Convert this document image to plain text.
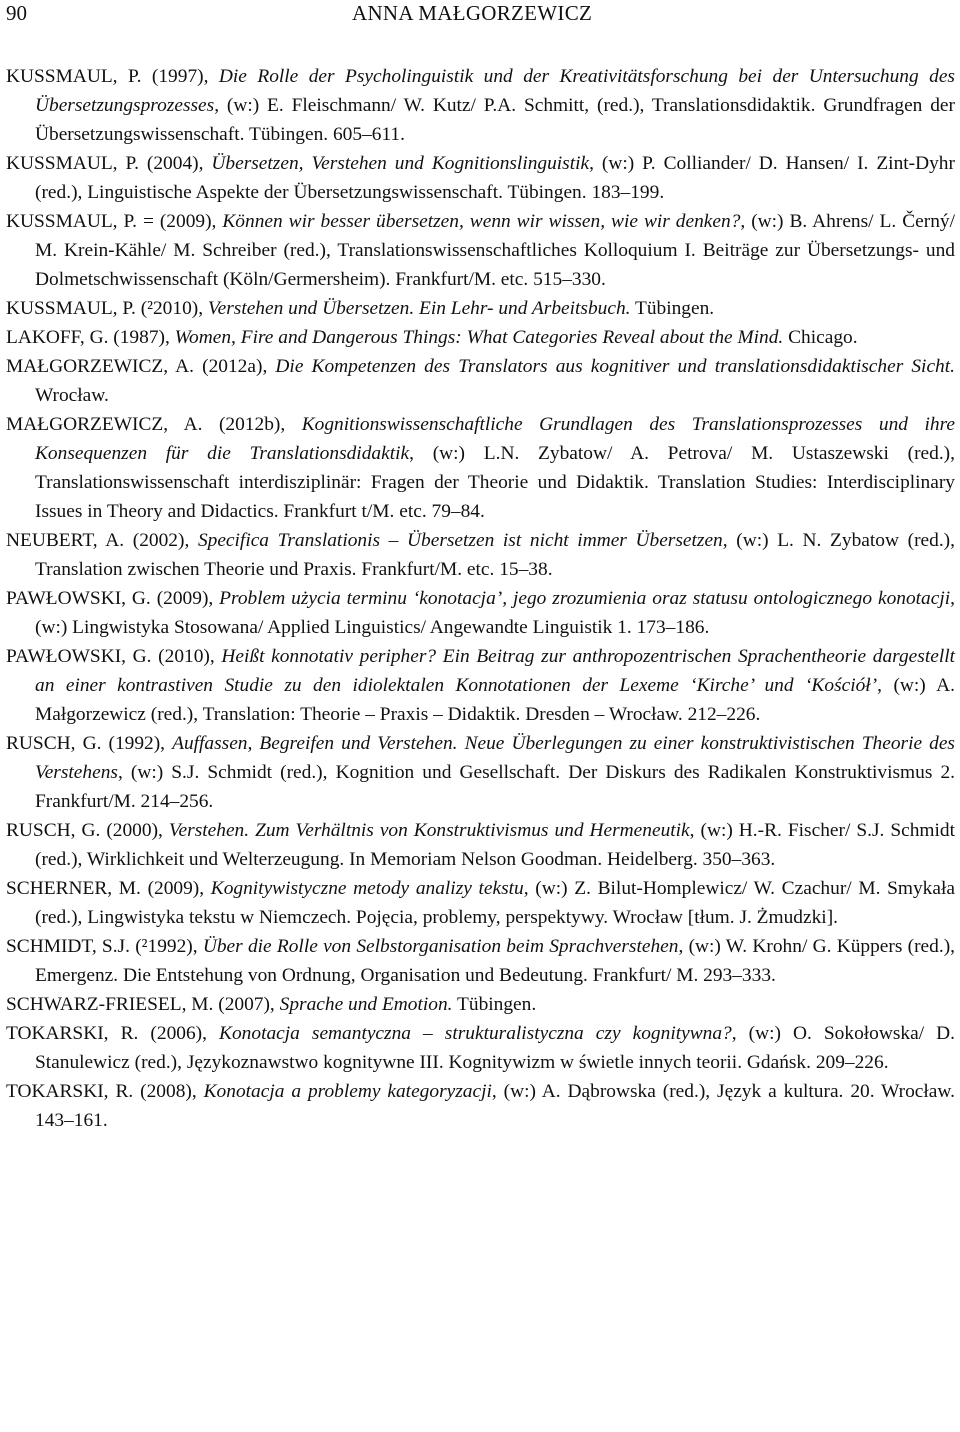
90	ANNA MAŁGORZEWICZ
KUSSMAUL, P. (1997), Die Rolle der Psycholinguistik und der Kreativitätsforschung bei der Untersuchung des Übersetzungsprozesses, (w:) E. Fleischmann/ W. Kutz/ P.A. Schmitt, (red.), Translationsdidaktik. Grundfragen der Übersetzungswissenschaft. Tübingen. 605–611.
KUSSMAUL, P. (2004), Übersetzen, Verstehen und Kognitionslinguistik, (w:) P. Colliander/ D. Hansen/ I. Zint-Dyhr (red.), Linguistische Aspekte der Übersetzungswissenschaft. Tübingen. 183–199.
KUSSMAUL, P. = (2009), Können wir besser übersetzen, wenn wir wissen, wie wir denken?, (w:) B. Ahrens/ L. Černý/ M. Krein-Kähle/ M. Schreiber (red.), Translationswissenschaftliches Kolloquium I. Beiträge zur Übersetzungs- und Dolmetschwissenschaft (Köln/Germersheim). Frankfurt/M. etc. 515–330.
KUSSMAUL, P. (²2010), Verstehen und Übersetzen. Ein Lehr- und Arbeitsbuch. Tübingen.
LAKOFF, G. (1987), Women, Fire and Dangerous Things: What Categories Reveal about the Mind. Chicago.
MAŁGORZEWICZ, A. (2012a), Die Kompetenzen des Translators aus kognitiver und translationsdidaktischer Sicht. Wrocław.
MAŁGORZEWICZ, A. (2012b), Kognitionswissenschaftliche Grundlagen des Translationsprozesses und ihre Konsequenzen für die Translationsdidaktik, (w:) L.N. Zybatow/ A. Petrova/ M. Ustaszewski (red.), Translationswissenschaft interdisziplinär: Fragen der Theorie und Didaktik. Translation Studies: Interdisciplinary Issues in Theory and Didactics. Frankfurt t/M. etc. 79–84.
NEUBERT, A. (2002), Specifica Translationis – Übersetzen ist nicht immer Übersetzen, (w:) L. N. Zybatow (red.), Translation zwischen Theorie und Praxis. Frankfurt/M. etc. 15–38.
PAWŁOWSKI, G. (2009), Problem użycia terminu ‘konotacja’, jego zrozumienia oraz statusu ontologicznego konotacji, (w:) Lingwistyka Stosowana/ Applied Linguistics/ Angewandte Linguistik 1. 173–186.
PAWŁOWSKI, G. (2010), Heißt konnotativ peripher? Ein Beitrag zur anthropozentrischen Sprachentheorie dargestellt an einer kontrastiven Studie zu den idiolektalen Konnotationen der Lexeme ‘Kirche’ und ‘Kościół’, (w:) A. Małgorzewicz (red.), Translation: Theorie – Praxis – Didaktik. Dresden – Wrocław. 212–226.
RUSCH, G. (1992), Auffassen, Begreifen und Verstehen. Neue Überlegungen zu einer konstruktivistischen Theorie des Verstehens, (w:) S.J. Schmidt (red.), Kognition und Gesellschaft. Der Diskurs des Radikalen Konstruktivismus 2. Frankfurt/M. 214–256.
RUSCH, G. (2000), Verstehen. Zum Verhältnis von Konstruktivismus und Hermeneutik, (w:) H.-R. Fischer/ S.J. Schmidt (red.), Wirklichkeit und Welterzeugung. In Memoriam Nelson Goodman. Heidelberg. 350–363.
SCHERNER, M. (2009), Kognitywistyczne metody analizy tekstu, (w:) Z. Bilut-Homplewicz/ W. Czachur/ M. Smykała (red.), Lingwistyka tekstu w Niemczech. Pojęcia, problemy, perspektywy. Wrocław [tłum. J. Żmudzki].
SCHMIDT, S.J. (²1992), Über die Rolle von Selbstorganisation beim Sprachverstehen, (w:) W. Krohn/ G. Küppers (red.), Emergenz. Die Entstehung von Ordnung, Organisation und Bedeutung. Frankfurt/ M. 293–333.
SCHWARZ-FRIESEL, M. (2007), Sprache und Emotion. Tübingen.
TOKARSKI, R. (2006), Konotacja semantyczna – strukturalistyczna czy kognitywna?, (w:) O. Sokołowska/ D. Stanulewicz (red.), Językoznawstwo kognitywne III. Kognitywizm w świetle innych teorii. Gdańsk. 209–226.
TOKARSKI, R. (2008), Konotacja a problemy kategoryzacji, (w:) A. Dąbrowska (red.), Język a kultura. 20. Wrocław. 143–161.
